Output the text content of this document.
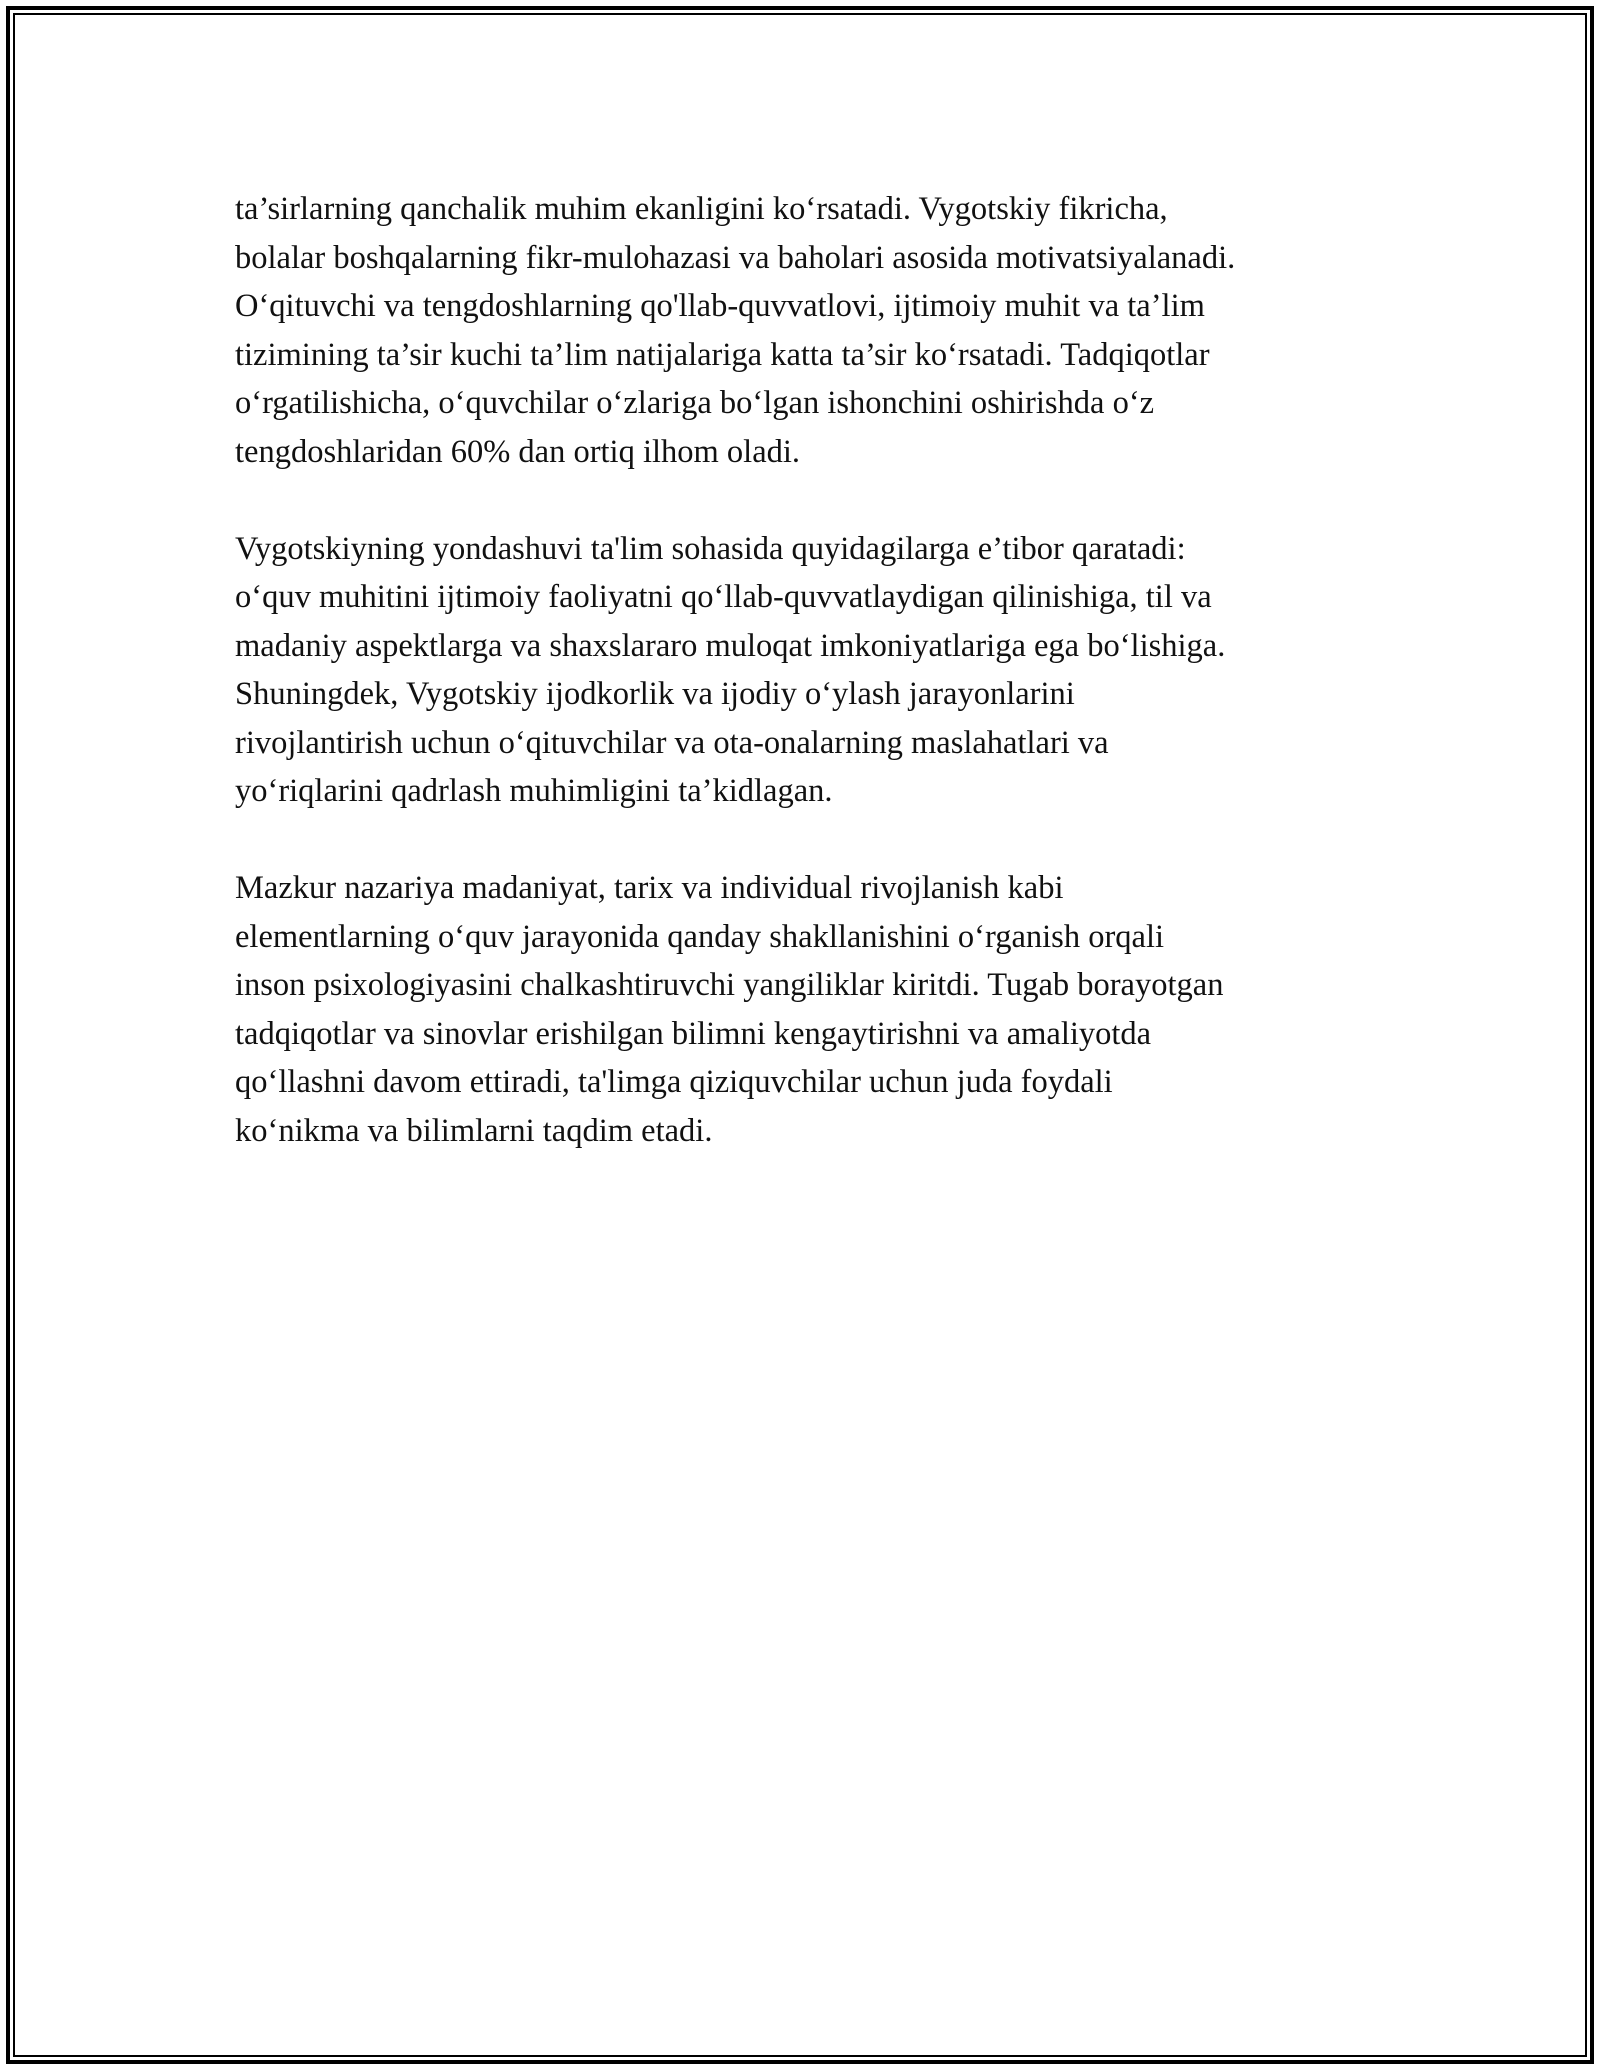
ta’sirlarning qanchalik muhim ekanligini ko‘rsatadi. Vygotskiy fikricha,
bolalar boshqalarning fikr-mulohazasi va baholari asosida motivatsiyalanadi.
O‘qituvchi va tengdoshlarning qo'llab-quvvatlovi, ijtimoiy muhit va ta’lim
tizimining ta’sir kuchi ta’lim natijalariga katta ta’sir ko‘rsatadi. Tadqiqotlar
o‘rgatilishicha, o‘quvchilar o‘zlariga bo‘lgan ishonchini oshirishda o‘z
tengdoshlaridan 60% dan ortiq ilhom oladi.

Vygotskiyning yondashuvi ta'lim sohasida quyidagilarga e’tibor qaratadi:
o‘quv muhitini ijtimoiy faoliyatni qo‘llab-quvvatlaydigan qilinishiga, til va
madaniy aspektlarga va shaxslararo muloqat imkoniyatlariga ega bo‘lishiga.
Shuningdek, Vygotskiy ijodkorlik va ijodiy o‘ylash jarayonlarini
rivojlantirish uchun o‘qituvchilar va ota-onalarning maslahatlari va
yo‘riqlarini qadrlash muhimligini ta’kidlagan.

Mazkur nazariya madaniyat, tarix va individual rivojlanish kabi
elementlarning o‘quv jarayonida qanday shakllanishini o‘rganish orqali
inson psixologiyasini chalkashtiruvchi yangiliklar kiritdi. Tugab borayotgan
tadqiqotlar va sinovlar erishilgan bilimni kengaytirishni va amaliyotda
qo‘llashni davom ettiradi, ta'limga qiziquvchilar uchun juda foydali
ko‘nikma va bilimlarni taqdim etadi.
